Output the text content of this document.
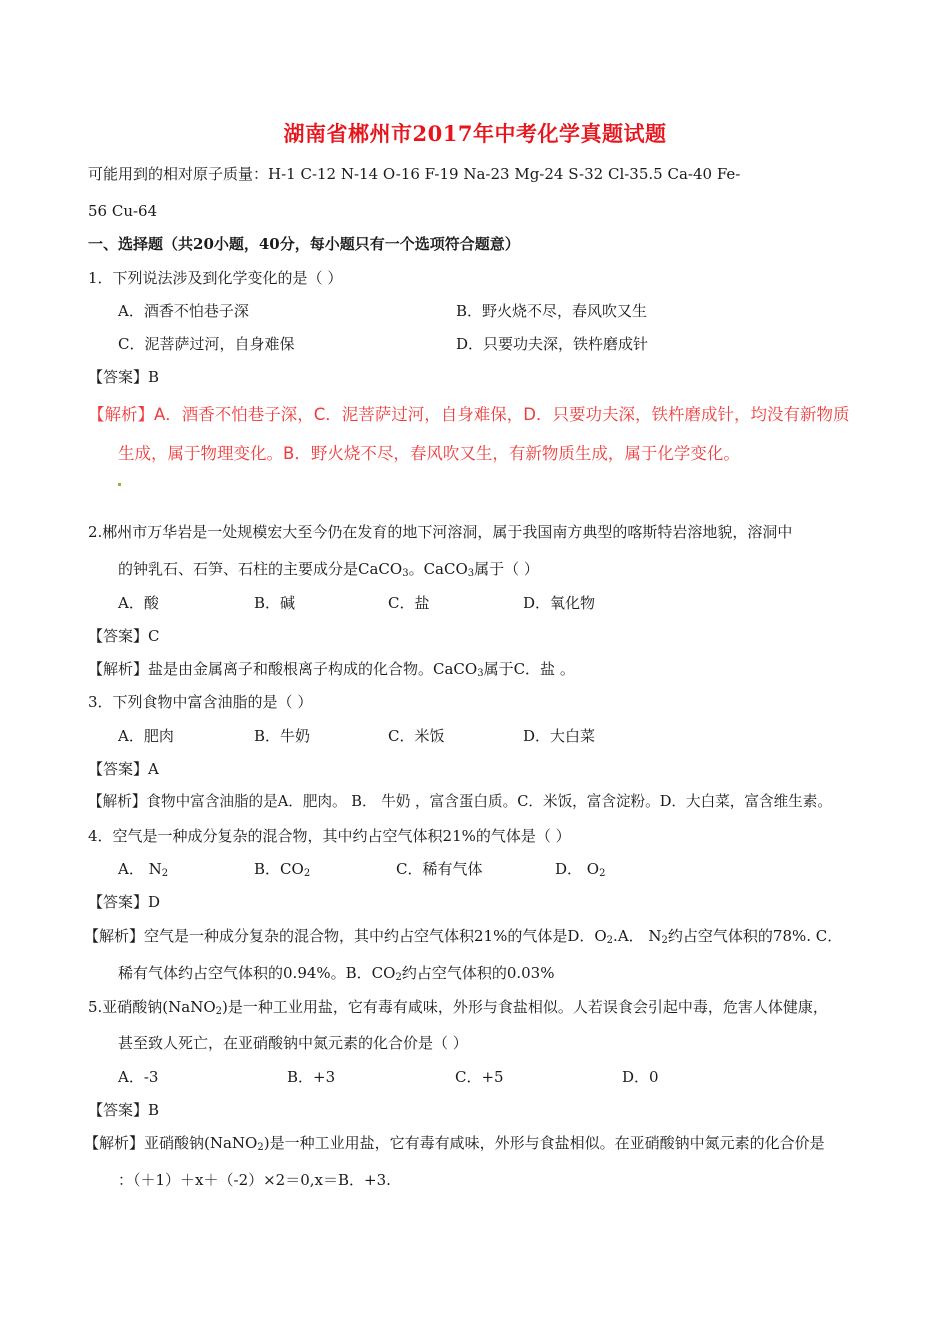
湖南省郴州市2017年中考化学真题试题
可能用到的相对原子质量：H-1 C-12 N-14 O-16 F-19 Na-23 Mg-24 S-32 Cl-35.5 Ca-40 Fe-
56 Cu-64
一、选择题（共20小题，40分，每小题只有一个选项符合题意）
1．下列说法涉及到化学变化的是（ ）
A．酒香不怕巷子深	B．野火烧不尽，春风吹又生
C．泥菩萨过河，自身难保	D．只要功夫深，铁杵磨成针
【答案】B
【解析】A．酒香不怕巷子深，C．泥菩萨过河，自身难保，D．只要功夫深，铁杵磨成针，均没有新物质
生成，属于物理变化。B．野火烧不尽，春风吹又生，有新物质生成，属于化学变化。
2.郴州市万华岩是一处规模宏大至今仍在发育的地下河溶洞，属于我国南方典型的喀斯特岩溶地貌，溶洞中
的钟乳石、石笋、石柱的主要成分是CaCO$_3$。CaCO$_3$属于（ ）
A．酸	B．碱	C．盐	D．氧化物
【答案】C
【解析】盐是由金属离子和酸根离子构成的化合物。CaCO$_3$属于C．盐 。
3．下列食物中富含油脂的是（ ）
A．肥肉	B．牛奶	C．米饭	D．大白菜
【答案】A
【解析】食物中富含油脂的是A．肥肉。 B． 牛奶 ，富含蛋白质。C．米饭，富含淀粉。D．大白菜，富含维生素。
4．空气是一种成分复杂的混合物，其中约占空气体积21%的气体是（ ）
A． $N_2$	B．$CO_2$	C．稀有气体	D． $O_2$
【答案】D
【解析】空气是一种成分复杂的混合物，其中约占空气体积21%的气体是D．$O_2.A$． $N_2$约占空气体积的78%. C．
稀有气体约占空气体积的0.94%。B．$CO_2$约占空气体积的0.03%
5.亚硝酸钠(NaNO$_2$)是一种工业用盐，它有毒有咸味，外形与食盐相似。人若误食会引起中毒，危害人体健康，
甚至致人死亡，在亚硝酸钠中氮元素的化合价是（ ）
A．-3	B．+3	C．+5	D．0
【答案】B
【解析】亚硝酸钠(NaNO$_2$)是一种工业用盐，它有毒有咸味，外形与食盐相似。在亚硝酸钠中氮元素的化合价是
：（＋1）＋x＋（-2）×2＝0,x＝B．+3.
